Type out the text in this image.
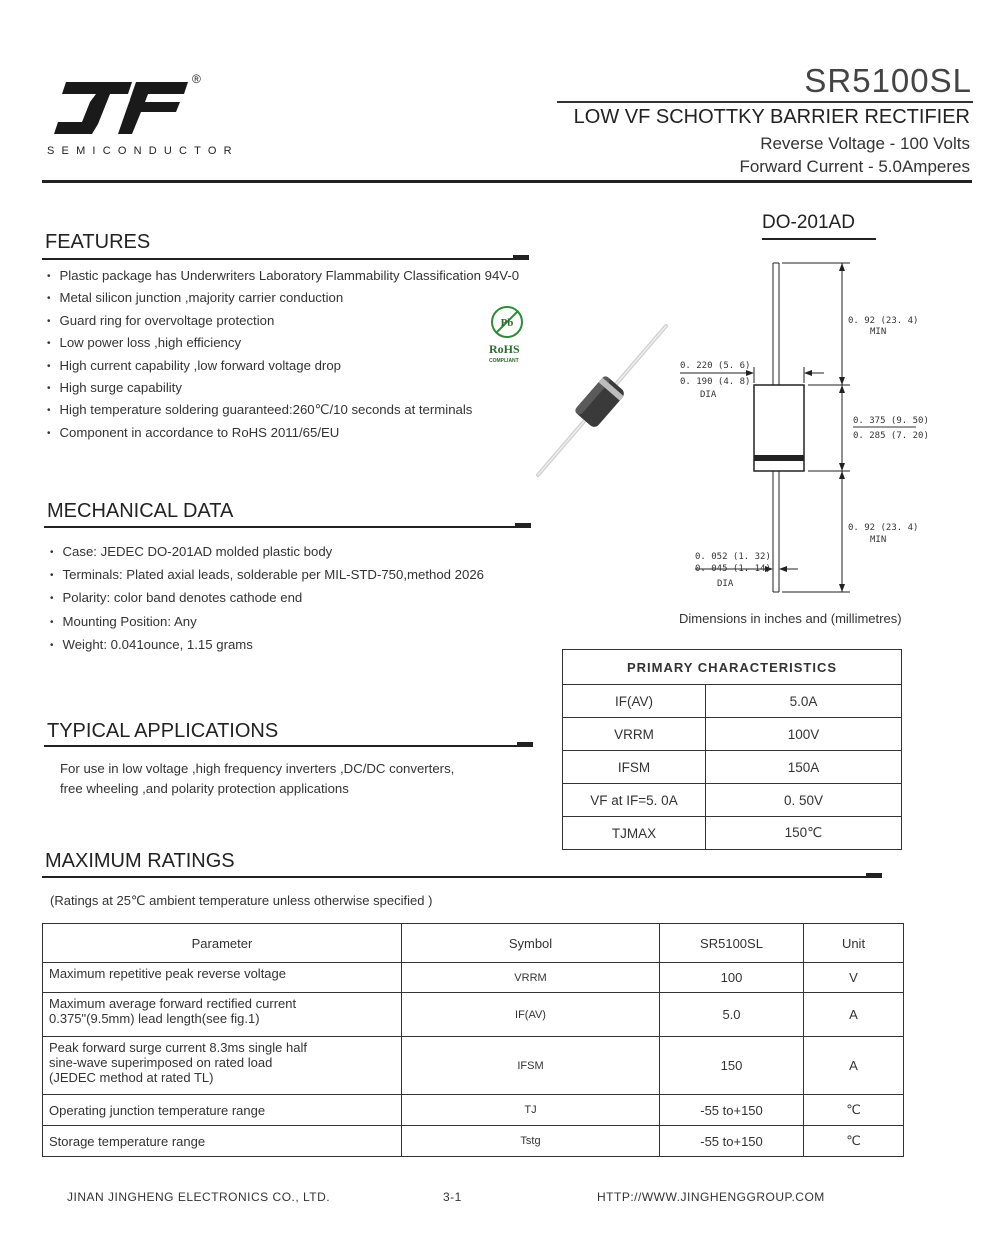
®
SEMICONDUCTOR
SR5100SL
LOW VF SCHOTTKY BARRIER RECTIFIER
Reverse Voltage - 100 Volts
Forward Current - 5.0Amperes
FEATURES
• Plastic package has Underwriters Laboratory Flammability Classification 94V-0
• Metal silicon junction ,majority carrier conduction
• Guard ring for overvoltage protection
• Low power loss ,high efficiency
• High current capability ,low forward voltage drop
• High surge capability
• High temperature soldering guaranteed:260℃/10 seconds at terminals
• Component in accordance to RoHS 2011/65/EU
Pb
RoHS
COMPLIANT
DO-201AD
0. 92 (23. 4)
MIN
0. 220 (5. 6)
0. 190 (4. 8)
DIA
0. 375 (9. 50)
0. 285 (7. 20)
0. 92 (23. 4)
MIN
0. 052 (1. 32)
0. 045 (1. 14)
DIA
Dimensions in inches and (millimetres)
MECHANICAL DATA
• Case: JEDEC DO-201AD molded plastic body
• Terminals: Plated axial leads, solderable per MIL-STD-750,method 2026
• Polarity: color band denotes cathode end
• Mounting Position: Any
• Weight: 0.041ounce, 1.15 grams
PRIMARY CHARACTERISTICS	
IF(AV)	5.0A
VRRM	100V
IFSM	150A
VF at IF=5. 0A	0. 50V
TJMAX	150℃
TYPICAL APPLICATIONS
For use in low voltage ,high frequency inverters ,DC/DC converters,
free wheeling ,and polarity protection applications
MAXIMUM RATINGS
(Ratings at 25℃ ambient temperature unless otherwise specified )
Parameter	Symbol	SR5100SL	Unit

Maximum repetitive peak reverse voltage	VRRM	100	V

Maximum average forward rectified current
0.375"(9.5mm) lead length(see fig.1)	IF(AV)	5.0	A

Peak forward surge current 8.3ms single half
sine-wave superimposed on rated load
(JEDEC method at rated TL)	IFSM	150	A

Operating junction temperature range	TJ	-55 to+150	℃

Storage temperature range	Tstg	-55 to+150	℃
JINAN JINGHENG ELECTRONICS CO., LTD.	3-1	HTTP://WWW.JINGHENGGROUP.COM
